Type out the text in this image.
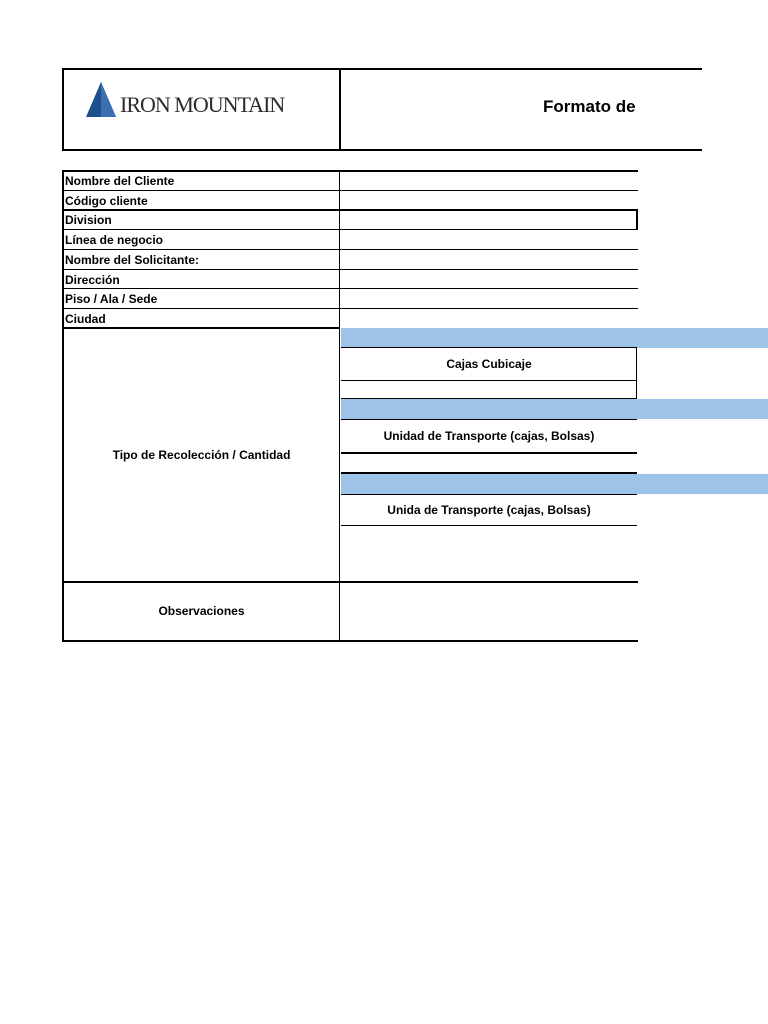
IRON MOUNTAIN	Formato de
Nombre del Cliente
Código cliente
Division
Línea de negocio
Nombre del Solicitante:
Dirección
Piso / Ala / Sede
Ciudad
Tipo de Recolección / Cantidad
Cajas Cubicaje
Unidad de Transporte (cajas, Bolsas)
Unida de Transporte (cajas, Bolsas)
Observaciones
